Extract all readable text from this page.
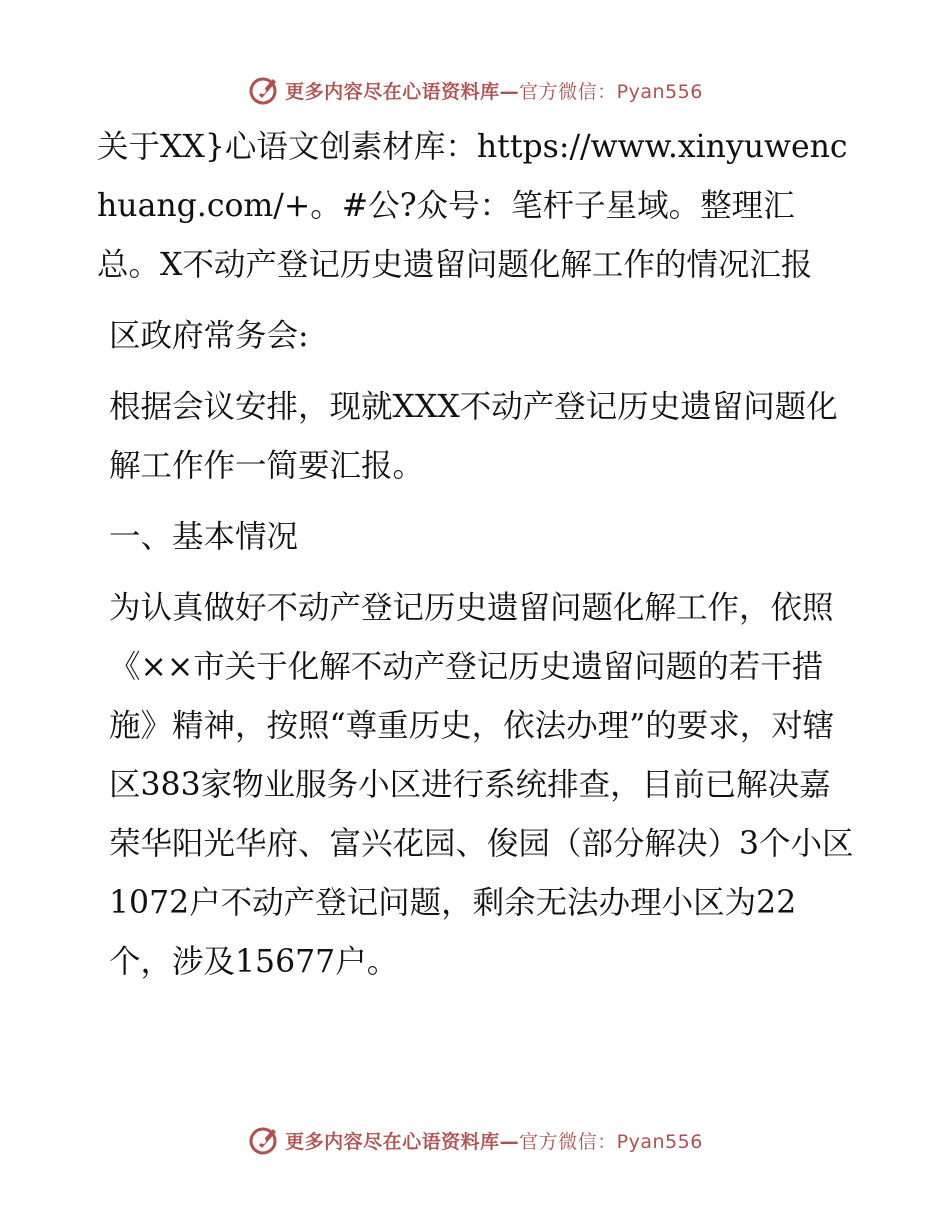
更多内容尽在心语资料库—官方微信：Pyan556

关于XX}心语文创素材库：https://www.xinyuwenchuang.com/+。#公?众号：笔杆子星域。整理汇总。X不动产登记历史遗留问题化解工作的情况汇报

区政府常务会:

根据会议安排，现就XXX不动产登记历史遗留问题化解工作作一简要汇报。

一、基本情况

为认真做好不动产登记历史遗留问题化解工作，依照《××市关于化解不动产登记历史遗留问题的若干措施》精神，按照“尊重历史，依法办理”的要求，对辖区383家物业服务小区进行系统排查，目前已解决嘉荣华阳光华府、富兴花园、俊园（部分解决）3个小区1072户不动产登记问题，剩余无法办理小区为22个，涉及15677户。

更多内容尽在心语资料库—官方微信：Pyan556
